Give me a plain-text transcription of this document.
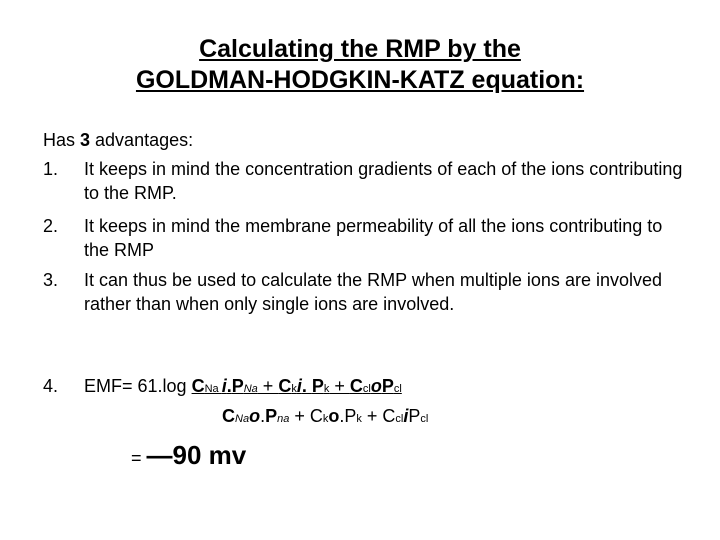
Calculating the RMP by the
GOLDMAN-HODGKIN-KATZ equation:
Has 3 advantages:
1. It keeps in mind the concentration gradients of each of the ions contributing to the RMP.
2. It keeps in mind the membrane permeability of all the ions contributing to the RMP
3. It can thus be used to calculate the RMP when multiple ions are involved rather than when only single ions are involved.
4. EMF= 61.log CNa i.PNa + Cki. Pk + CcloPcl
CNao.Pna + Cko.Pk + CcliPcl
= —90 mv
